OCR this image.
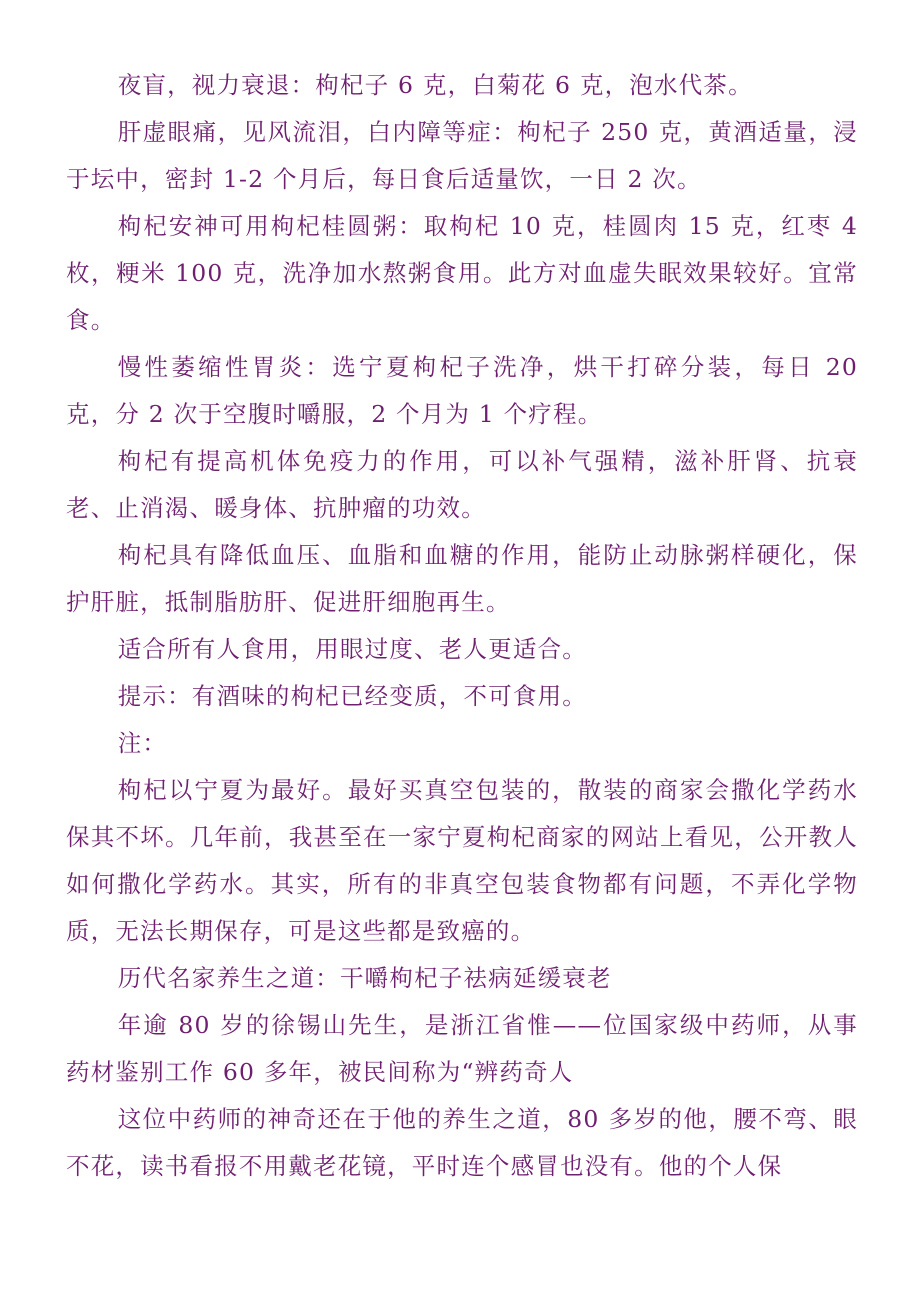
夜盲，视力衰退：枸杞子 6 克，白菊花 6 克，泡水代茶。

肝虚眼痛，见风流泪，白内障等症：枸杞子 250 克，黄酒适量，浸于坛中，密封 1-2 个月后，每日食后适量饮，一日 2 次。

枸杞安神可用枸杞桂圆粥：取枸杞 10 克，桂圆肉 15 克，红枣 4 枚，粳米 100 克，洗净加水熬粥食用。此方对血虚失眠效果较好。宜常食。

慢性萎缩性胃炎：选宁夏枸杞子洗净，烘干打碎分装，每日 20 克，分 2 次于空腹时嚼服，2 个月为 1 个疗程。

枸杞有提高机体免疫力的作用，可以补气强精，滋补肝肾、抗衰老、止消渴、暖身体、抗肿瘤的功效。

枸杞具有降低血压、血脂和血糖的作用，能防止动脉粥样硬化，保护肝脏，抵制脂肪肝、促进肝细胞再生。

适合所有人食用，用眼过度、老人更适合。

提示：有酒味的枸杞已经变质，不可食用。

注：

枸杞以宁夏为最好。最好买真空包装的，散装的商家会撒化学药水保其不坏。几年前，我甚至在一家宁夏枸杞商家的网站上看见，公开教人如何撒化学药水。其实，所有的非真空包装食物都有问题，不弄化学物质，无法长期保存，可是这些都是致癌的。

历代名家养生之道：干嚼枸杞子祛病延缓衰老

年逾 80 岁的徐锡山先生，是浙江省惟——位国家级中药师，从事药材鉴别工作 60 多年，被民间称为“辨药奇人

这位中药师的神奇还在于他的养生之道，80 多岁的他，腰不弯、眼不花，读书看报不用戴老花镜，平时连个感冒也没有。他的个人保
